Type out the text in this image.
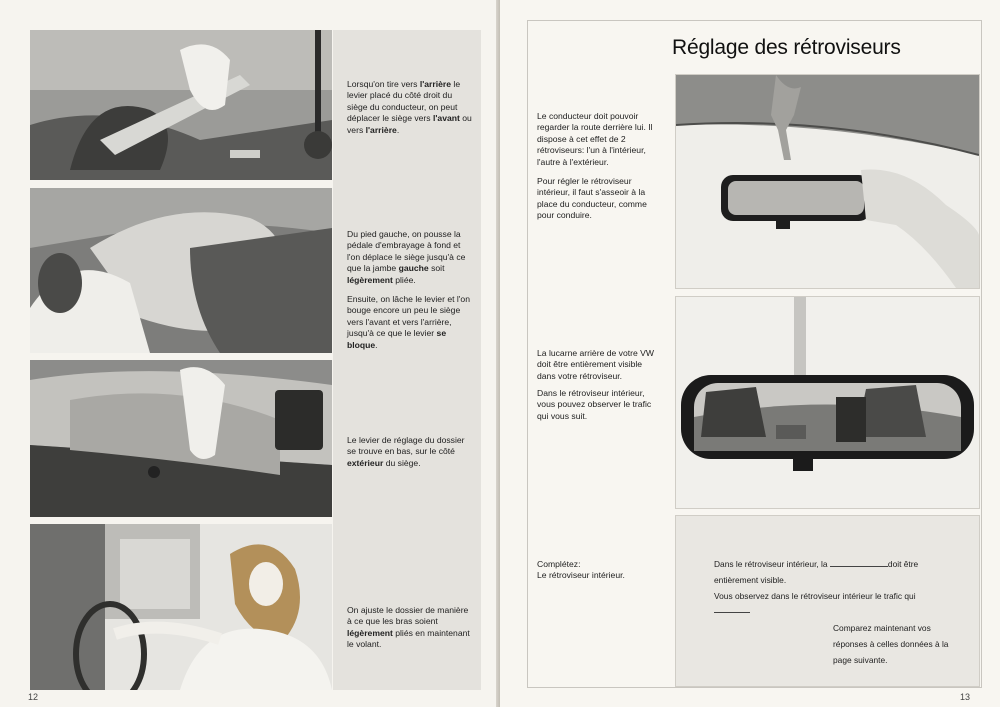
Lorsqu'on tire vers l'arrière le levier placé du côté droit du siège du conducteur, on peut déplacer le siège vers l'avant ou vers l'arrière.
Du pied gauche, on pousse la pédale d'embrayage à fond et l'on déplace le siège jusqu'à ce que la jambe gauche soit légèrement pliée.
Ensuite, on lâche le levier et l'on bouge encore un peu le siège vers l'avant et vers l'arrière, jusqu'à ce que le levier se bloque.
Le levier de réglage du dossier se trouve en bas, sur le côté extérieur du siège.
On ajuste le dossier de manière à ce que les bras soient légèrement pliés en maintenant le volant.
12
Réglage des rétroviseurs
Le conducteur doit pouvoir regarder la route derrière lui. Il dispose à cet effet de 2 rétroviseurs: l'un à l'intérieur, l'autre à l'extérieur.
Pour régler le rétroviseur intérieur, il faut s'asseoir à la place du conducteur, comme pour conduire.
La lucarne arrière de votre VW doit être entièrement visible dans votre rétroviseur.
Dans le rétroviseur intérieur, vous pouvez observer le trafic qui vous suit.
Complétez:
Le rétroviseur intérieur.
Dans le rétroviseur intérieur, la	doit être
entièrement visible.
Vous observez dans le rétroviseur intérieur le trafic qui
Comparez maintenant vos réponses à celles données à la page suivante.
13
